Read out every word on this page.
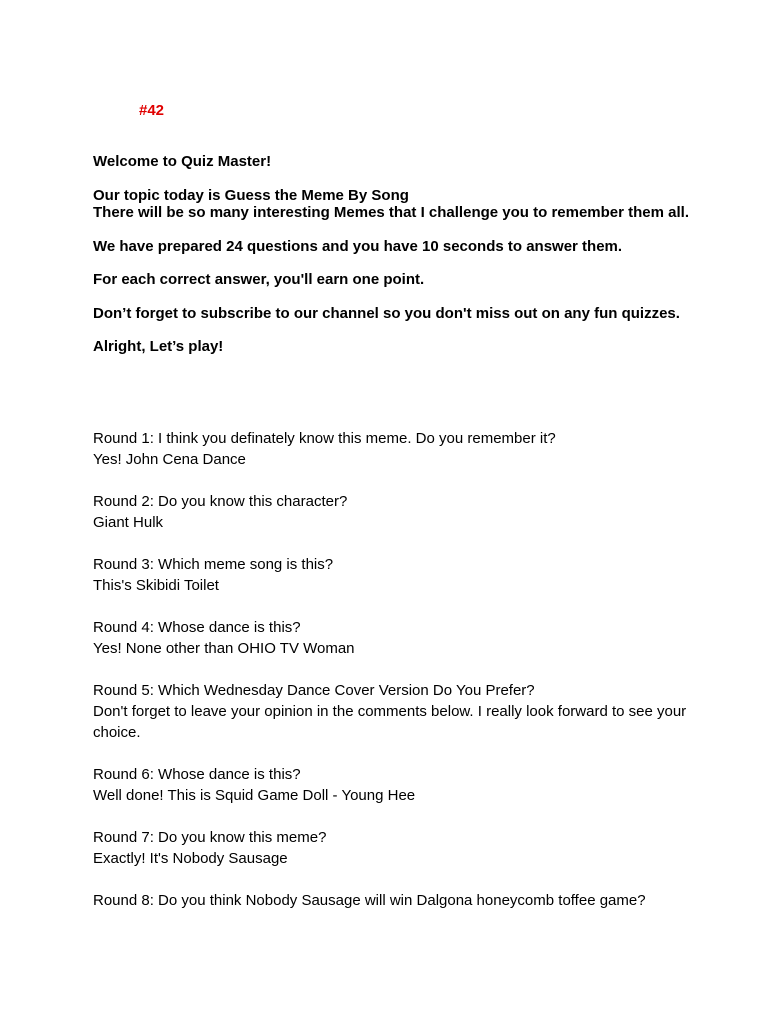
#42

Welcome to Quiz Master!

Our topic today is Guess the Meme By Song

There will be so many interesting Memes that I challenge you to remember them all.

We have prepared 24 questions and you have 10 seconds to answer them.

For each correct answer, you'll earn one point.

Don’t forget to subscribe to our channel so you don't miss out on any fun quizzes.

Alright, Let’s play!

Round 1: I think you definately know this meme. Do you remember it?

Yes! John Cena Dance

Round 2: Do you know this character?

Giant Hulk

Round 3: Which meme song is this?

This's Skibidi Toilet

Round 4: Whose dance is this?

Yes! None other than OHIO TV Woman

Round 5: Which Wednesday Dance Cover Version Do You Prefer?

Don't forget to leave your opinion in the comments below. I really look forward to see your choice.

Round 6: Whose dance is this?

Well done! This is Squid Game Doll - Young Hee

Round 7: Do you know this meme?

Exactly! It's Nobody Sausage

Round 8: Do you think Nobody Sausage will win Dalgona honeycomb toffee game?
